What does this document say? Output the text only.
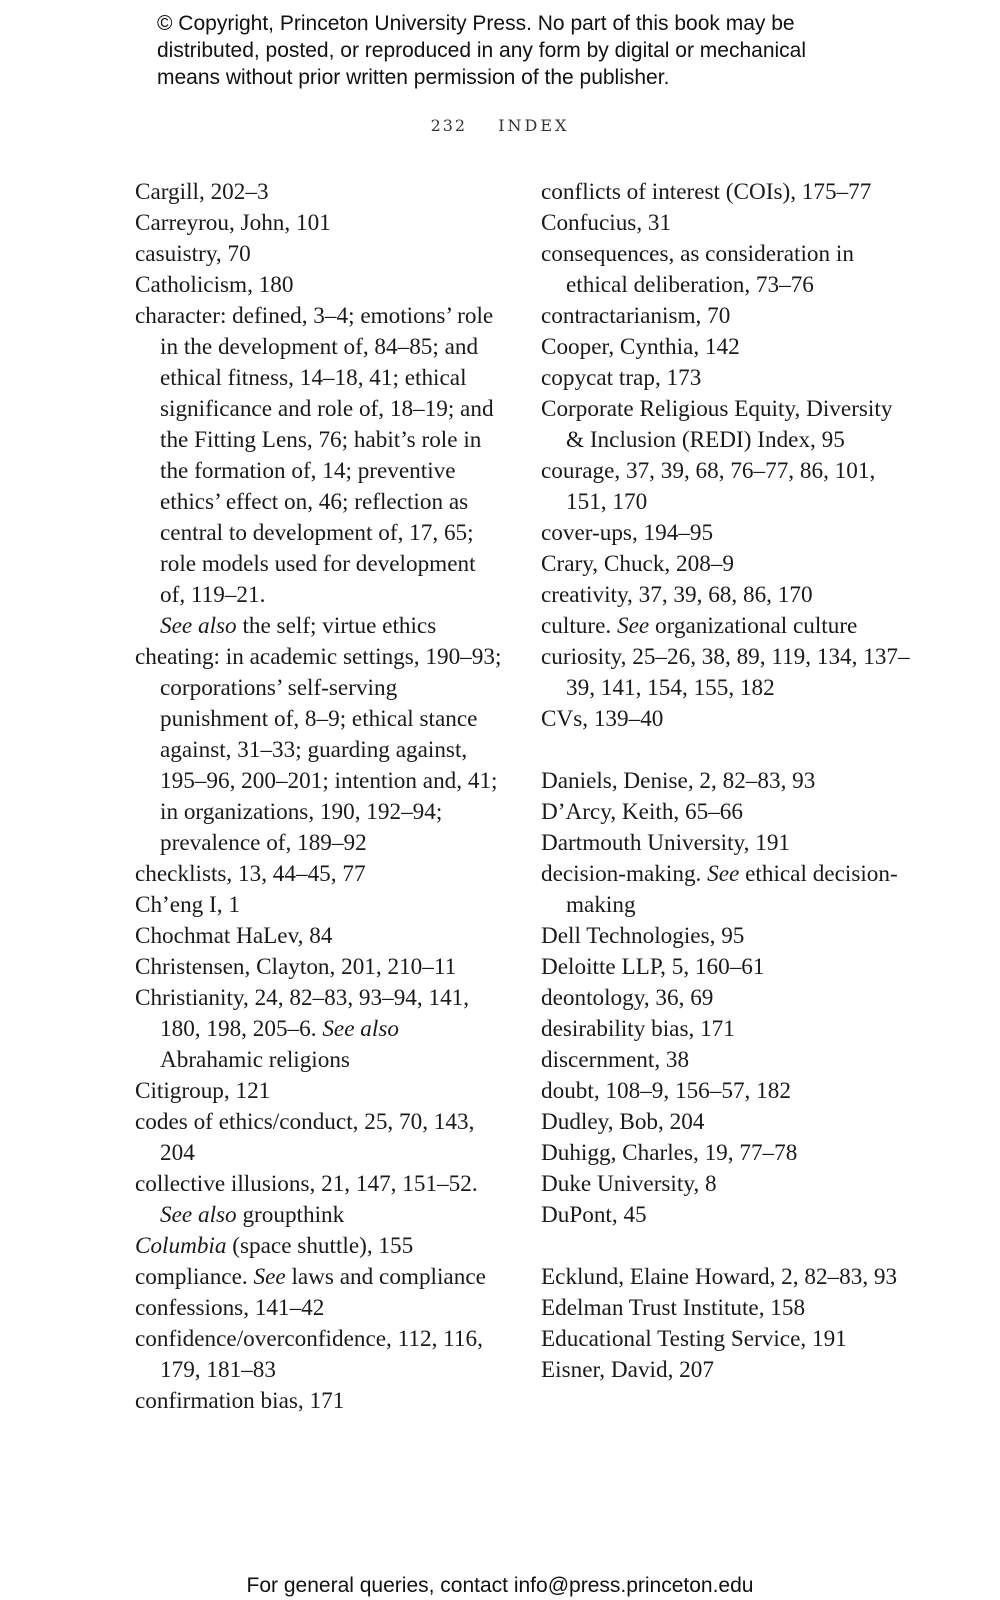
© Copyright, Princeton University Press. No part of this book may be
distributed, posted, or reproduced in any form by digital or mechanical
means without prior written permission of the publisher.
232 INDEX
Cargill, 202–3
Carreyrou, John, 101
casuistry, 70
Catholicism, 180
character: defined, 3–4; emotions’ role in the development of, 84–85; and ethical fitness, 14–18, 41; ethical significance and role of, 18–19; and the Fitting Lens, 76; habit’s role in the formation of, 14; preventive ethics’ effect on, 46; reflection as central to development of, 17, 65; role models used for development of, 119–21.
See also the self; virtue ethics
cheating: in academic settings, 190–93; corporations’ self-serving punishment of, 8–9; ethical stance against, 31–33; guarding against, 195–96, 200–201; intention and, 41; in organizations, 190, 192–94; prevalence of, 189–92
checklists, 13, 44–45, 77
Ch’eng I, 1
Chochmat HaLev, 84
Christensen, Clayton, 201, 210–11
Christianity, 24, 82–83, 93–94, 141, 180, 198, 205–6. See also Abrahamic religions
Citigroup, 121
codes of ethics/conduct, 25, 70, 143, 204
collective illusions, 21, 147, 151–52.
See also groupthink
Columbia (space shuttle), 155
compliance. See laws and compliance
confessions, 141–42
confidence/overconfidence, 112, 116, 179, 181–83
confirmation bias, 171
conflicts of interest (COIs), 175–77
Confucius, 31
consequences, as consideration in ethical deliberation, 73–76
contractarianism, 70
Cooper, Cynthia, 142
copycat trap, 173
Corporate Religious Equity, Diversity & Inclusion (REDI) Index, 95
courage, 37, 39, 68, 76–77, 86, 101, 151, 170
cover-ups, 194–95
Crary, Chuck, 208–9
creativity, 37, 39, 68, 86, 170
culture. See organizational culture
curiosity, 25–26, 38, 89, 119, 134, 137–39, 141, 154, 155, 182
CVs, 139–40
Daniels, Denise, 2, 82–83, 93
D’Arcy, Keith, 65–66
Dartmouth University, 191
decision-making. See ethical decision-making
Dell Technologies, 95
Deloitte LLP, 5, 160–61
deontology, 36, 69
desirability bias, 171
discernment, 38
doubt, 108–9, 156–57, 182
Dudley, Bob, 204
Duhigg, Charles, 19, 77–78
Duke University, 8
DuPont, 45
Ecklund, Elaine Howard, 2, 82–83, 93
Edelman Trust Institute, 158
Educational Testing Service, 191
Eisner, David, 207
For general queries, contact info@press.princeton.edu
